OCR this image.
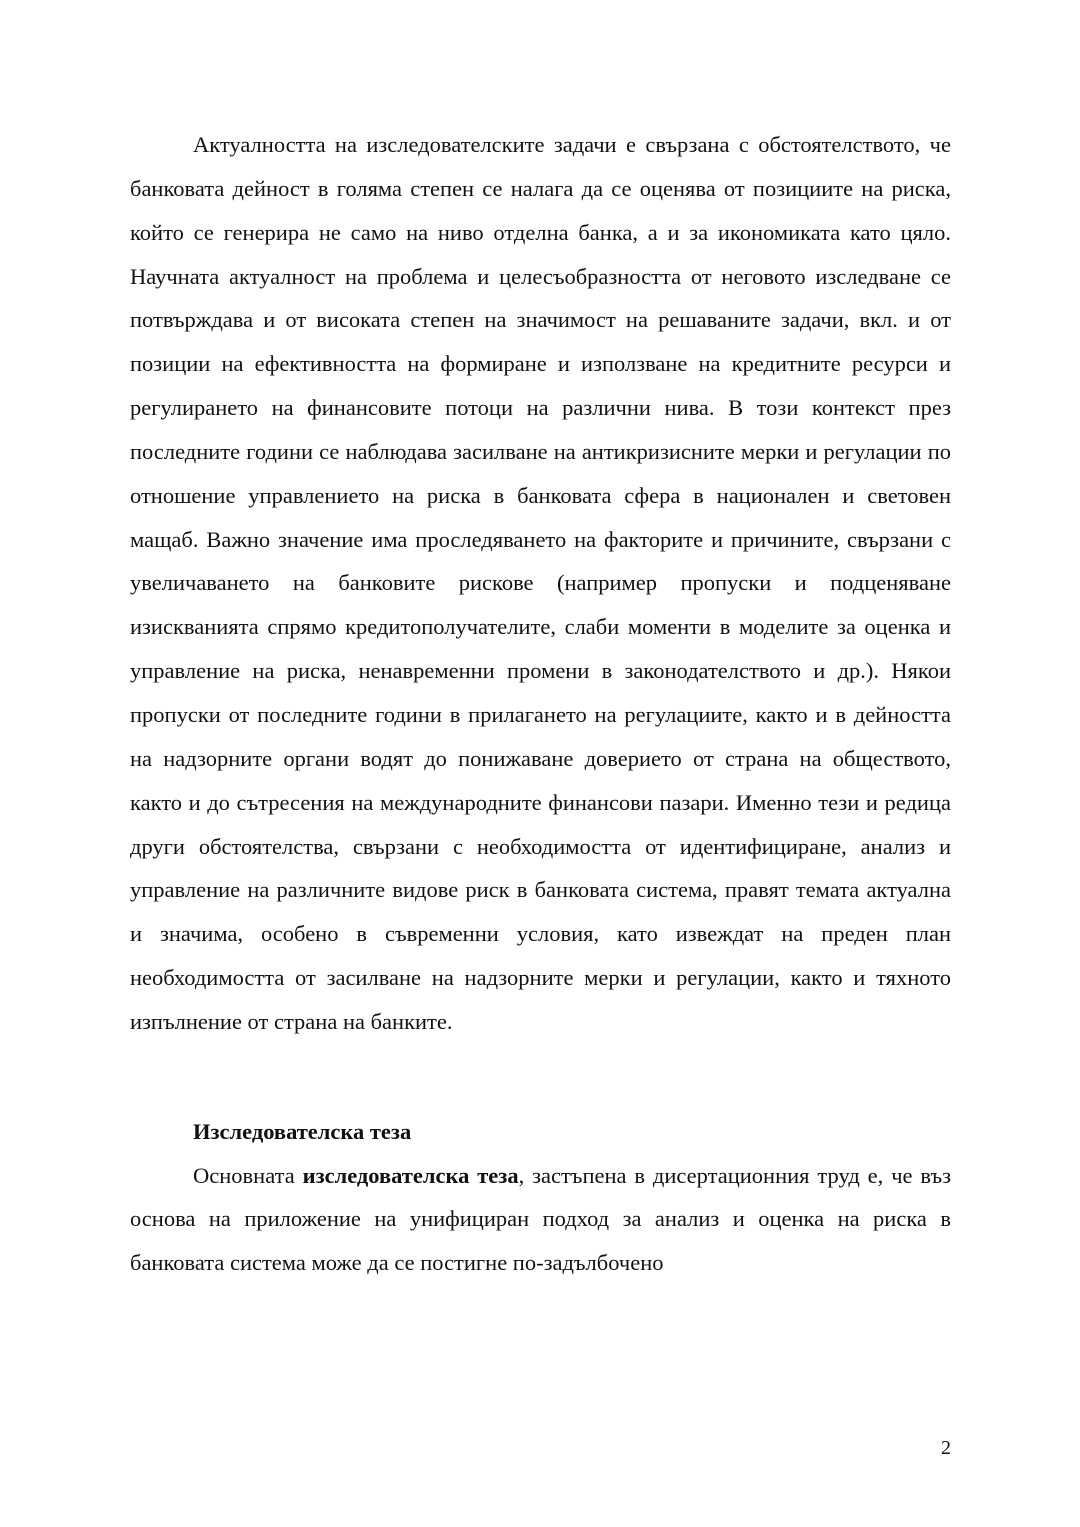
Актуалността на изследователските задачи е свързана с обстоятелството, че банковата дейност в голяма степен се налага да се оценява от позициите на риска, който се генерира не само на ниво отделна банка, а и за икономиката като цяло. Научната актуалност на проблема и целесъобразността от неговото изследване се потвърждава и от високата степен на значимост на решаваните задачи, вкл. и от позиции на ефективността на формиране и използване на кредитните ресурси и регулирането на финансовите потоци на различни нива. В този контекст през последните години се наблюдава засилване на антикризисните мерки и регулации по отношение управлението на риска в банковата сфера в национален и световен мащаб. Важно значение има проследяването на факторите и причините, свързани с увеличаването на банковите рискове (например пропуски и подценяване изискванията спрямо кредитополучателите, слаби моменти в моделите за оценка и управление на риска, ненавременни промени в законодателството и др.). Някои пропуски от последните години в прилагането на регулациите, както и в дейността на надзорните органи водят до понижаване доверието от страна на обществото, както и до сътресения на международните финансови пазари. Именно тези и редица други обстоятелства, свързани с необходимостта от идентифициране, анализ и управление на различните видове риск в банковата система, правят темата актуална и значима, особено в съвременни условия, като извеждат на преден план необходимостта от засилване на надзорните мерки и регулации, както и тяхното изпълнение от страна на банките.

Изследователска теза

Основната изследователска теза, застъпена в дисертационния труд е, че въз основа на приложение на унифициран подход за анализ и оценка на риска в банковата система може да се постигне по-задълбочено

2
